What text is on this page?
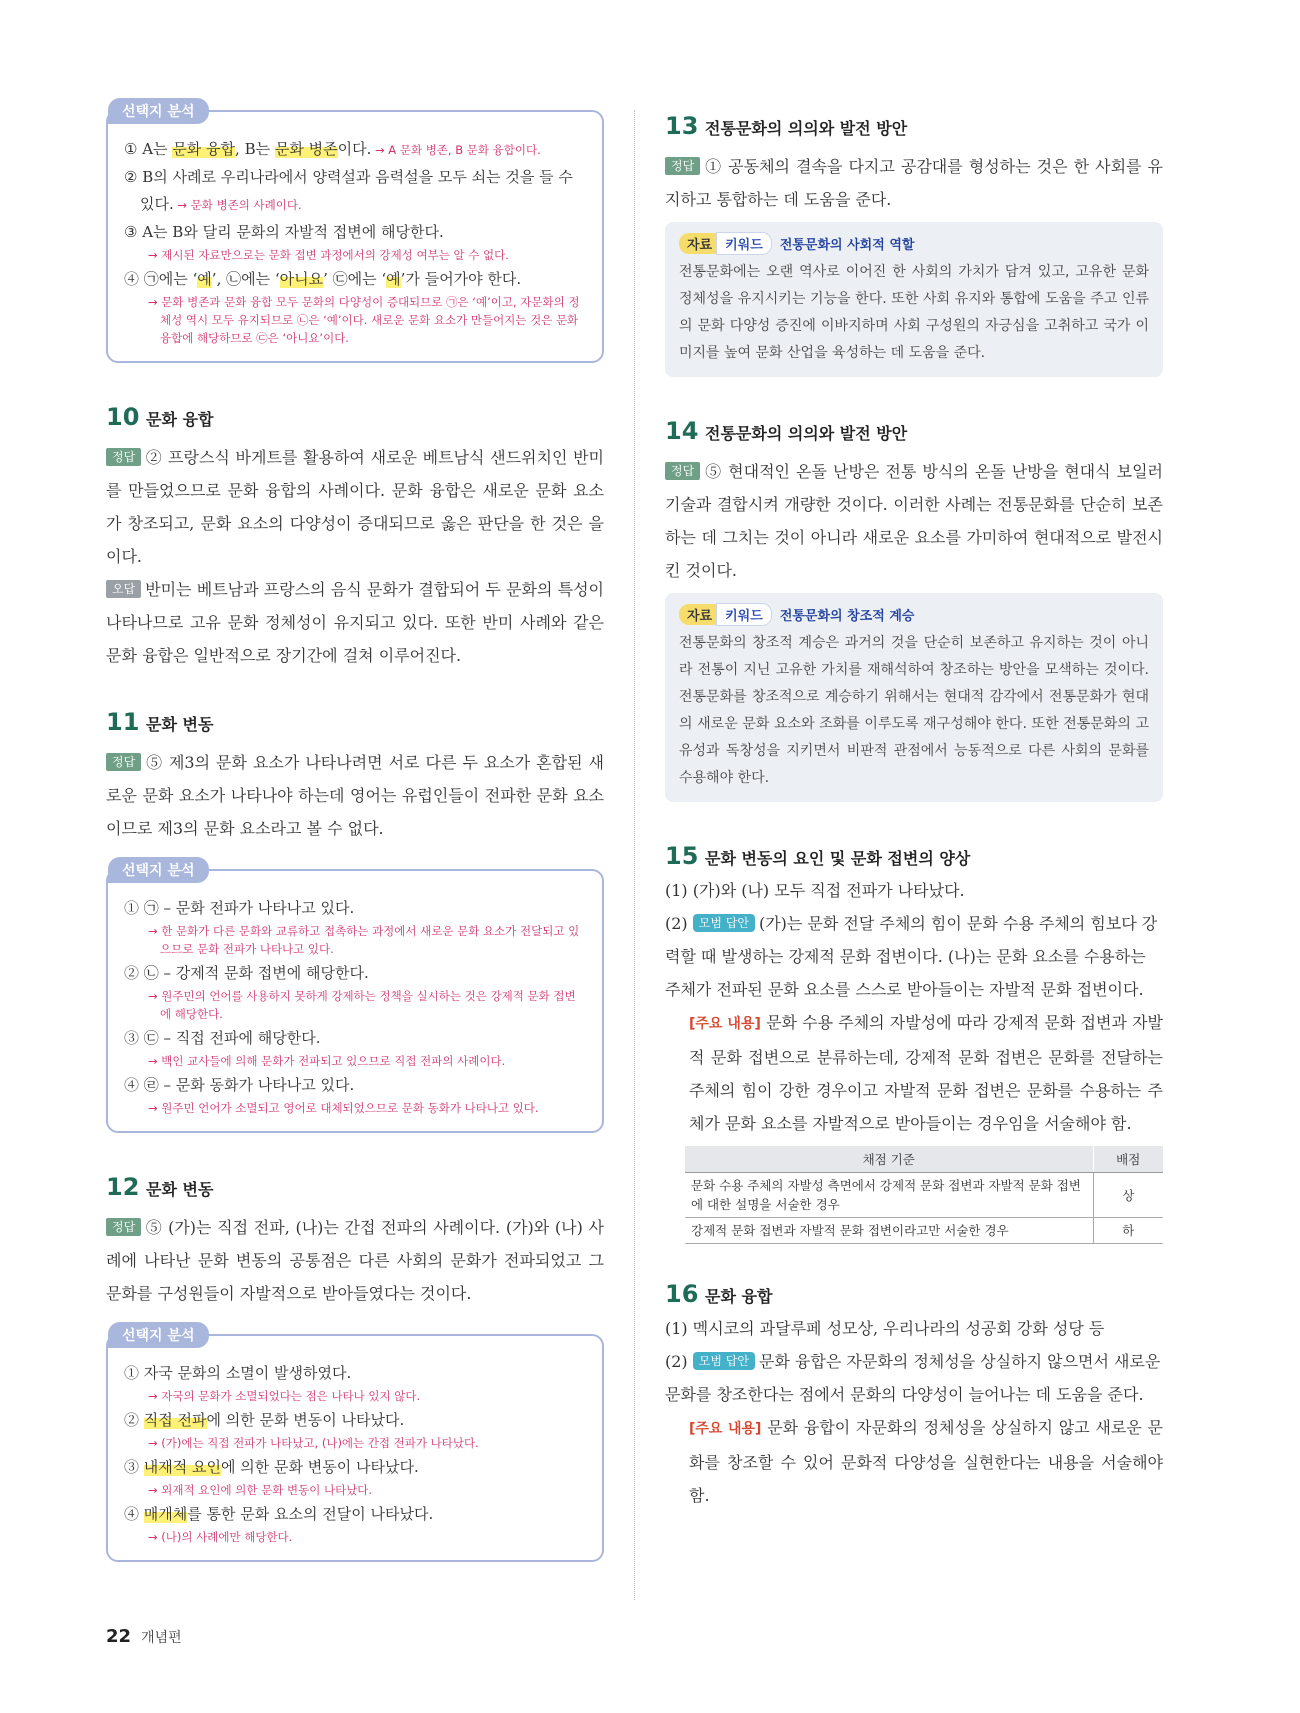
선택지 분석
① A는 문화 융합, B는 문화 병존이다. → A 문화 병존, B 문화 융합이다.
② B의 사례로 우리나라에서 양력설과 음력설을 모두 쇠는 것을 들 수 있다. → 문화 병존의 사례이다.
③ A는 B와 달리 문화의 자발적 접변에 해당한다.
→ 제시된 자료만으로는 문화 접변 과정에서의 강제성 여부는 알 수 없다.
④ ㉠에는 ‘예’, ㉡에는 ‘아니요’ ㉢에는 ‘예’가 들어가야 한다.
→ 문화 병존과 문화 융합 모두 문화의 다양성이 증대되므로 ㉠은 ‘예’이고, 자문화의 정체성 역시 모두 유지되므로 ㉡은 ‘예’이다. 새로운 문화 요소가 만들어지는 것은 문화 융합에 해당하므로 ㉢은 ‘아니요’이다.
10 문화 융합
정답 ② 프랑스식 바게트를 활용하여 새로운 베트남식 샌드위치인 반미를 만들었으므로 문화 융합의 사례이다. 문화 융합은 새로운 문화 요소가 창조되고, 문화 요소의 다양성이 증대되므로 옳은 판단을 한 것은 을이다.
오답 반미는 베트남과 프랑스의 음식 문화가 결합되어 두 문화의 특성이 나타나므로 고유 문화 정체성이 유지되고 있다. 또한 반미 사례와 같은 문화 융합은 일반적으로 장기간에 걸쳐 이루어진다.
11 문화 변동
정답 ⑤ 제3의 문화 요소가 나타나려면 서로 다른 두 요소가 혼합된 새로운 문화 요소가 나타나야 하는데 영어는 유럽인들이 전파한 문화 요소이므로 제3의 문화 요소라고 볼 수 없다.
선택지 분석
① ㉠ – 문화 전파가 나타나고 있다.
→ 한 문화가 다른 문화와 교류하고 접촉하는 과정에서 새로운 문화 요소가 전달되고 있으므로 문화 전파가 나타나고 있다.
② ㉡ – 강제적 문화 접변에 해당한다.
→ 원주민의 언어를 사용하지 못하게 강제하는 정책을 실시하는 것은 강제적 문화 접변에 해당한다.
③ ㉢ – 직접 전파에 해당한다.
→ 백인 교사들에 의해 문화가 전파되고 있으므로 직접 전파의 사례이다.
④ ㉣ – 문화 동화가 나타나고 있다.
→ 원주민 언어가 소멸되고 영어로 대체되었으므로 문화 동화가 나타나고 있다.
12 문화 변동
정답 ⑤ (가)는 직접 전파, (나)는 간접 전파의 사례이다. (가)와 (나) 사례에 나타난 문화 변동의 공통점은 다른 사회의 문화가 전파되었고 그 문화를 구성원들이 자발적으로 받아들였다는 것이다.
선택지 분석
① 자국 문화의 소멸이 발생하였다.
→ 자국의 문화가 소멸되었다는 점은 나타나 있지 않다.
② 직접 전파에 의한 문화 변동이 나타났다.
→ (가)에는 직접 전파가 나타났고, (나)에는 간접 전파가 나타났다.
③ 내재적 요인에 의한 문화 변동이 나타났다.
→ 외재적 요인에 의한 문화 변동이 나타났다.
④ 매개체를 통한 문화 요소의 전달이 나타났다.
→ (나)의 사례에만 해당한다.
13 전통문화의 의의와 발전 방안
정답 ① 공동체의 결속을 다지고 공감대를 형성하는 것은 한 사회를 유지하고 통합하는 데 도움을 준다.
자료 키워드 전통문화의 사회적 역할
전통문화에는 오랜 역사로 이어진 한 사회의 가치가 담겨 있고, 고유한 문화 정체성을 유지시키는 기능을 한다. 또한 사회 유지와 통합에 도움을 주고 인류의 문화 다양성 증진에 이바지하며 사회 구성원의 자긍심을 고취하고 국가 이미지를 높여 문화 산업을 육성하는 데 도움을 준다.
14 전통문화의 의의와 발전 방안
정답 ⑤ 현대적인 온돌 난방은 전통 방식의 온돌 난방을 현대식 보일러 기술과 결합시켜 개량한 것이다. 이러한 사례는 전통문화를 단순히 보존하는 데 그치는 것이 아니라 새로운 요소를 가미하여 현대적으로 발전시킨 것이다.
자료 키워드 전통문화의 창조적 계승
전통문화의 창조적 계승은 과거의 것을 단순히 보존하고 유지하는 것이 아니라 전통이 지닌 고유한 가치를 재해석하여 창조하는 방안을 모색하는 것이다. 전통문화를 창조적으로 계승하기 위해서는 현대적 감각에서 전통문화가 현대의 새로운 문화 요소와 조화를 이루도록 재구성해야 한다. 또한 전통문화의 고유성과 독창성을 지키면서 비판적 관점에서 능동적으로 다른 사회의 문화를 수용해야 한다.
15 문화 변동의 요인 및 문화 접변의 양상
(1) (가)와 (나) 모두 직접 전파가 나타났다.
(2) 모범 답안 (가)는 문화 전달 주체의 힘이 문화 수용 주체의 힘보다 강력할 때 발생하는 강제적 문화 접변이다. (나)는 문화 요소를 수용하는 주체가 전파된 문화 요소를 스스로 받아들이는 자발적 문화 접변이다.
[주요 내용] 문화 수용 주체의 자발성에 따라 강제적 문화 접변과 자발적 문화 접변으로 분류하는데, 강제적 문화 접변은 문화를 전달하는 주체의 힘이 강한 경우이고 자발적 문화 접변은 문화를 수용하는 주체가 문화 요소를 자발적으로 받아들이는 경우임을 서술해야 함.
채점 기준	배점
문화 수용 주체의 자발성 측면에서 강제적 문화 접변과 자발적 문화 접변에 대한 설명을 서술한 경우	상
강제적 문화 접변과 자발적 문화 접변이라고만 서술한 경우	하
16 문화 융합
(1) 멕시코의 과달루페 성모상, 우리나라의 성공회 강화 성당 등
(2) 모범 답안 문화 융합은 자문화의 정체성을 상실하지 않으면서 새로운 문화를 창조한다는 점에서 문화의 다양성이 늘어나는 데 도움을 준다.
[주요 내용] 문화 융합이 자문화의 정체성을 상실하지 않고 새로운 문화를 창조할 수 있어 문화적 다양성을 실현한다는 내용을 서술해야 함.
22 개념편
